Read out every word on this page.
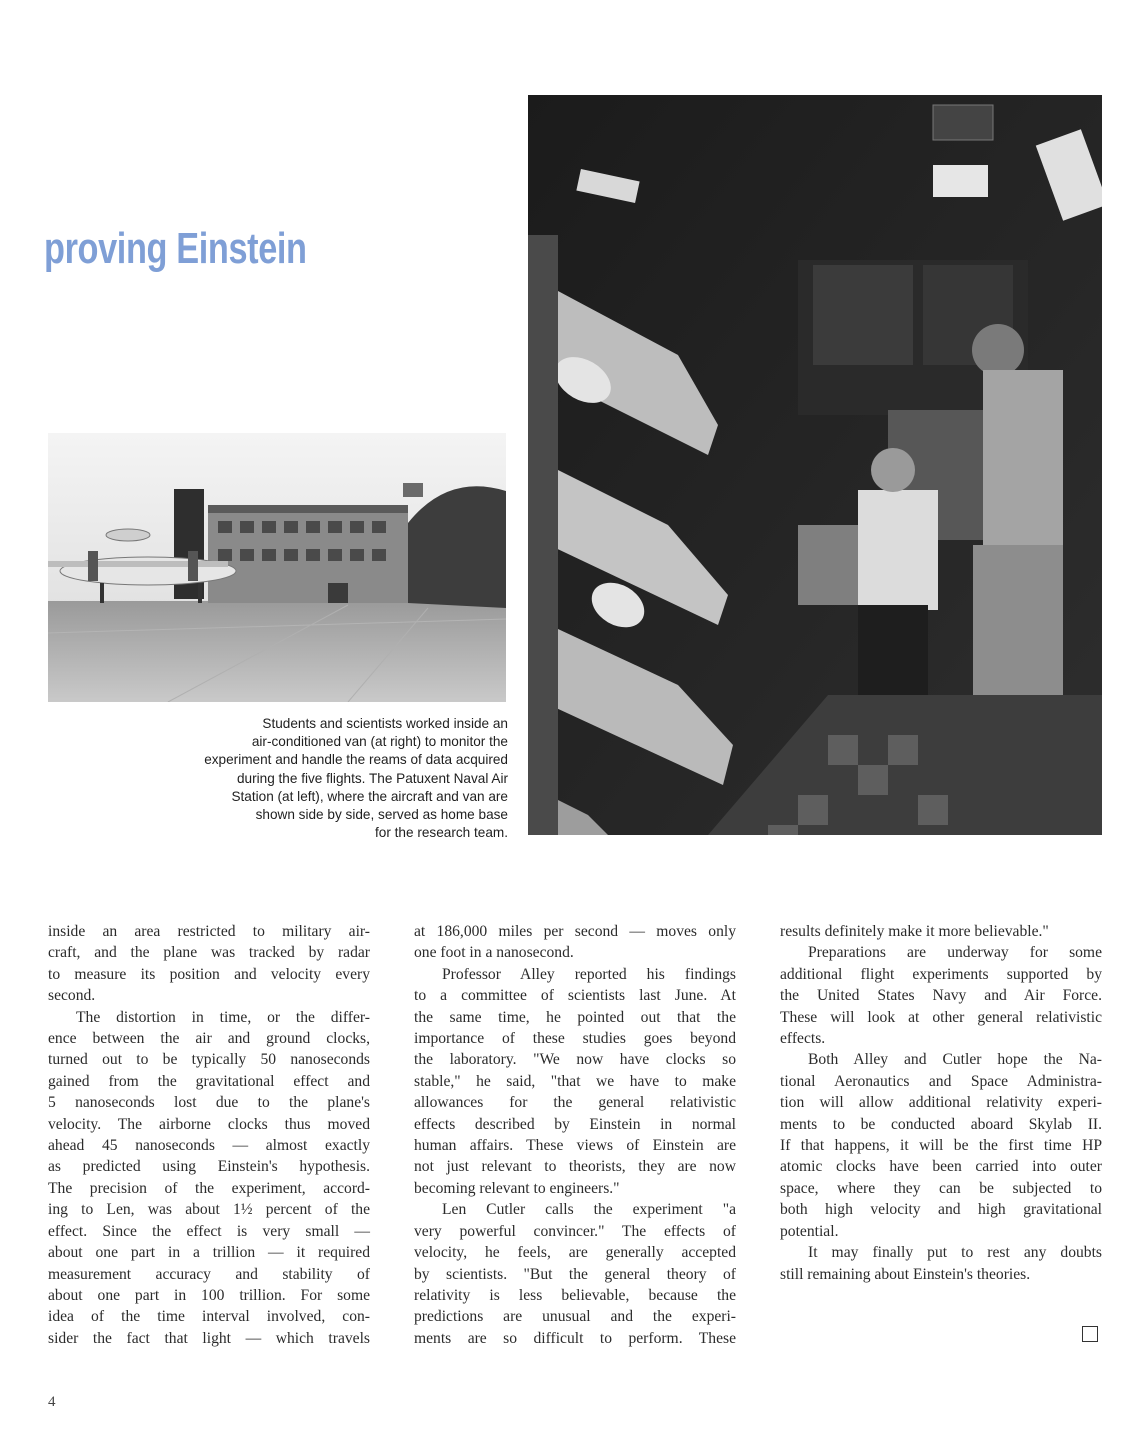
proving Einstein
Students and scientists worked inside an
air-conditioned van (at right) to monitor the
experiment and handle the reams of data acquired
during the five flights. The Patuxent Naval Air
Station (at left), where the aircraft and van are
shown side by side, served as home base
for the research team.
inside an area restricted to military air-
craft, and the plane was tracked by radar
to measure its position and velocity every
second.
The distortion in time, or the differ-
ence between the air and ground clocks,
turned out to be typically 50 nanoseconds
gained from the gravitational effect and
5 nanoseconds lost due to the plane's
velocity. The airborne clocks thus moved
ahead 45 nanoseconds — almost exactly
as predicted using Einstein's hypothesis.
The precision of the experiment, accord-
ing to Len, was about 1½ percent of the
effect. Since the effect is very small —
about one part in a trillion — it required
measurement accuracy and stability of
about one part in 100 trillion. For some
idea of the time interval involved, con-
sider the fact that light — which travels
at 186,000 miles per second — moves only
one foot in a nanosecond.
Professor Alley reported his findings
to a committee of scientists last June. At
the same time, he pointed out that the
importance of these studies goes beyond
the laboratory. "We now have clocks so
stable," he said, "that we have to make
allowances for the general relativistic
effects described by Einstein in normal
human affairs. These views of Einstein are
not just relevant to theorists, they are now
becoming relevant to engineers."
Len Cutler calls the experiment "a
very powerful convincer." The effects of
velocity, he feels, are generally accepted
by scientists. "But the general theory of
relativity is less believable, because the
predictions are unusual and the experi-
ments are so difficult to perform. These
results definitely make it more believable."
Preparations are underway for some
additional flight experiments supported by
the United States Navy and Air Force.
These will look at other general relativistic
effects.
Both Alley and Cutler hope the Na-
tional Aeronautics and Space Administra-
tion will allow additional relativity experi-
ments to be conducted aboard Skylab II.
If that happens, it will be the first time HP
atomic clocks have been carried into outer
space, where they can be subjected to
both high velocity and high gravitational
potential.
It may finally put to rest any doubts
still remaining about Einstein's theories.
4
